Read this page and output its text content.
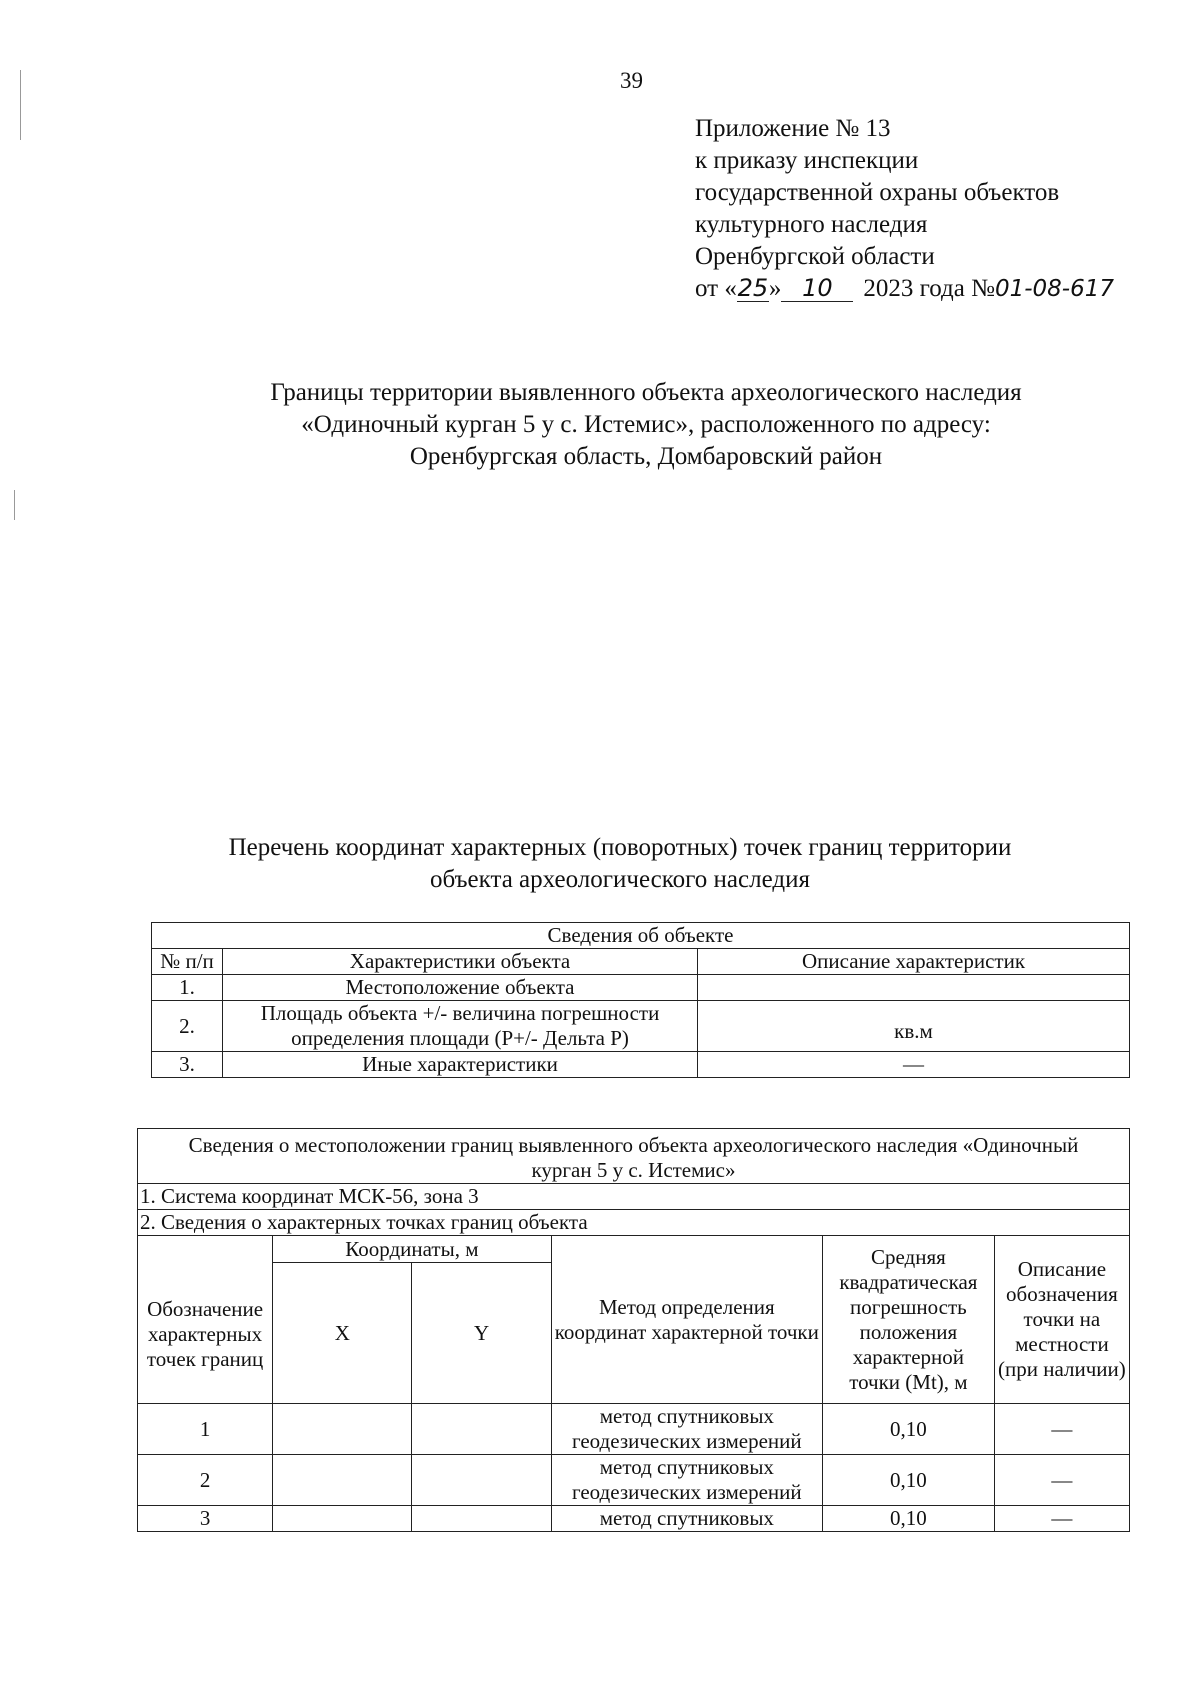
39
Приложение № 13
к приказу инспекции
государственной охраны объектов
культурного наследия
Оренбургской области
от «25» 10 2023 года №01-08-617
Границы территории выявленного объекта археологического наследия
«Одиночный курган 5 у с. Истемис», расположенного по адресу:
Оренбургская область, Домбаровский район
Перечень координат характерных (поворотных) точек границ территории
объекта археологического наследия
Сведения об объекте		
№ п/п	Характеристики объекта	Описание характеристик
1.	Местоположение объекта	
2.	Площадь объекта +/- величина погрешности определения площади (P+/- Дельта P)	кв.м
3.	Иные характеристики	—
Сведения о местоположении границ выявленного объекта археологического наследия «Одиночный курган 5 у с. Истемис»					
1. Система координат МСК-56, зона 3					
2. Сведения о характерных точках границ объекта					
Обозначение характерных точек границ	Координаты, м		Метод определения координат характерной точки	Средняя квадратическая погрешность положения характерной точки (Mt), м	Описание обозначения точки на местности (при наличии)
	X	Y			
1			метод спутниковых геодезических измерений	0,10	—
2			метод спутниковых геодезических измерений	0,10	—
3			метод спутниковых	0,10	—
